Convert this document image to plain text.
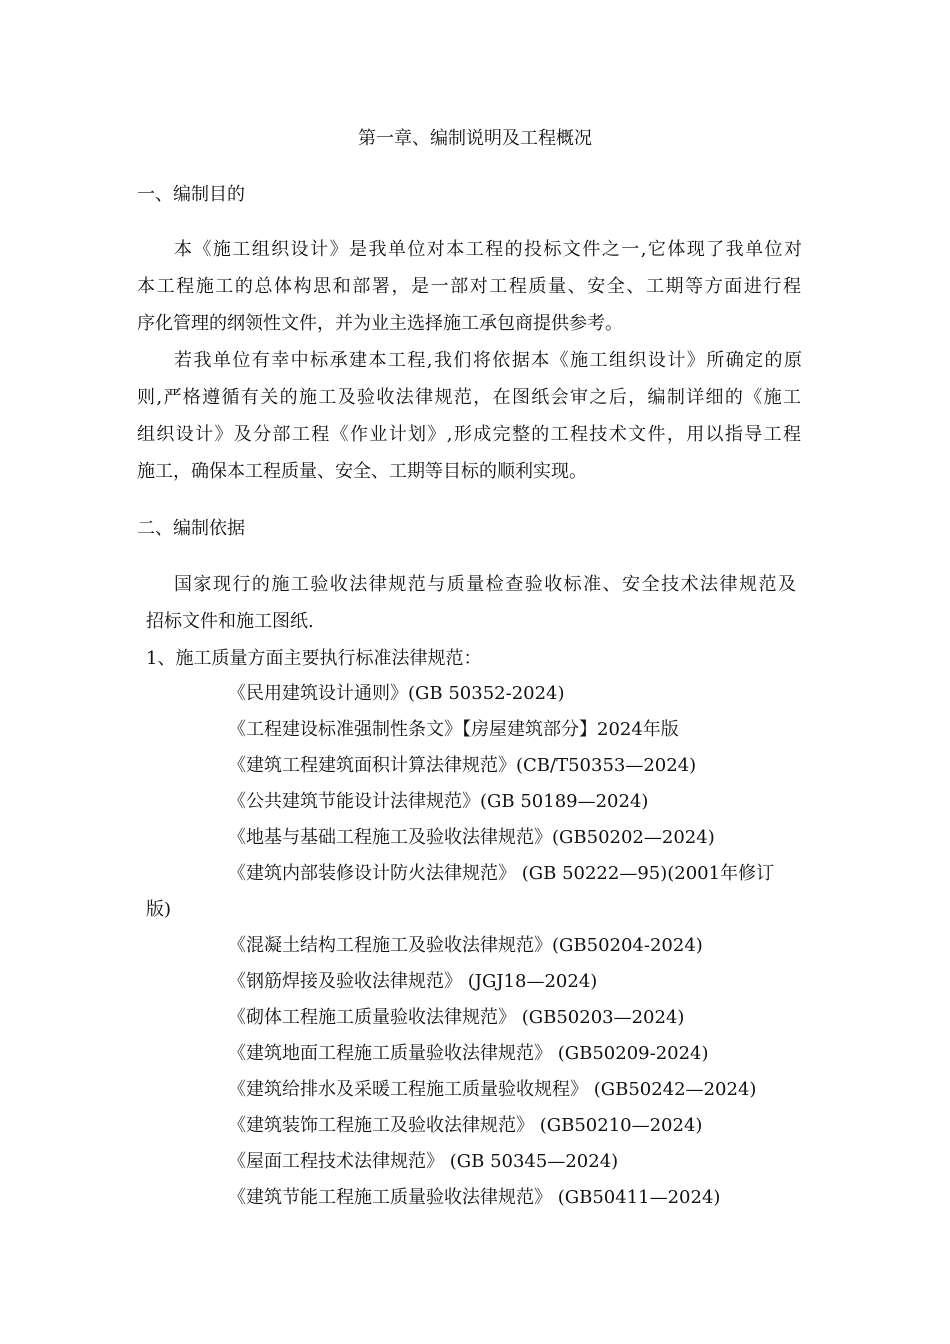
第一章、编制说明及工程概况
一、编制目的
本《施工组织设计》是我单位对本工程的投标文件之一,它体现了我单位对
本工程施工的总体构思和部署，是一部对工程质量、安全、工期等方面进行程
序化管理的纲领性文件，并为业主选择施工承包商提供参考。
若我单位有幸中标承建本工程,我们将依据本《施工组织设计》所确定的原
则,严格遵循有关的施工及验收法律规范，在图纸会审之后，编制详细的《施工
组织设计》及分部工程《作业计划》,形成完整的工程技术文件，用以指导工程
施工，确保本工程质量、安全、工期等目标的顺利实现。
二、编制依据
国家现行的施工验收法律规范与质量检查验收标准、安全技术法律规范及
招标文件和施工图纸.
1、施工质量方面主要执行标准法律规范：
《民用建筑设计通则》(GB 50352-2024)
《工程建设标准强制性条文》【房屋建筑部分】2024年版
《建筑工程建筑面积计算法律规范》(CB/T50353—2024)
《公共建筑节能设计法律规范》(GB 50189—2024)
《地基与基础工程施工及验收法律规范》(GB50202—2024)
《建筑内部装修设计防火法律规范》 (GB 50222—95)(2001年修订
版)
《混凝土结构工程施工及验收法律规范》(GB50204-2024)
《钢筋焊接及验收法律规范》 (JGJ18—2024)
《砌体工程施工质量验收法律规范》 (GB50203—2024)
《建筑地面工程施工质量验收法律规范》 (GB50209-2024)
《建筑给排水及采暖工程施工质量验收规程》 (GB50242—2024)
《建筑装饰工程施工及验收法律规范》 (GB50210—2024)
《屋面工程技术法律规范》 (GB 50345—2024)
《建筑节能工程施工质量验收法律规范》 (GB50411—2024)
